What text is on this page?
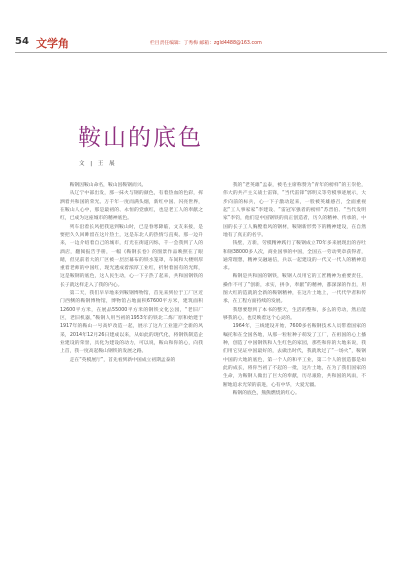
54 文学角	栏目责任编辑：丁秀梅 邮箱：zgld4488@163.com
鞍山的底色
文 | 王 展

鞍钢因鞍山命名，鞍山因鞍钢而兴。

从辽宁中部出发，那一抹火与钢的颜色，有着热血的色彩，挥洒着共和国的荣光。万千年一度而满头烟，新红中国、闪亮世界，在鞍山人心中，那是最初的、永恒的党旗红，也是老工人的奉献之红，已成为这座城市的精神底色。

列车沿着长风把我送到鞍山时，已是春寒降临，文友来接，是要把久久回眸留在这片热土，这是东北人的热情与直爽。那一边升来，一边介绍着自己的城市，灯光在街道闪烁，千一会我到了人的酒店，翻阅报告手册，一幅《鞍钢长卷》的图景作品映照在了眼睛，但见前者大的厂区被一层层幕布的铁水笼罩，车间和大楼则厚重着老师的中国红，现光透成着浓厚工业红，折射着国有的光辉，这是鞍钢的底色，这人民生动，心一下子热了起来，共和国钢铁的长子就这样走入了我的内心。

第二天，我们早早地来到鞍钢博物馆，首先来到位于工厂区近门西侧的鞍钢博物馆，博物馆占地面积67600平方米，建筑面积12600平方米，在展品55000平方米的钢铁文化公园，“老旧厂区，老旧机器，”鞍钢人用当初的1953年的铁北二炼厂原和始建于1917年的鞍山一号高炉改造一起，展示了这片工业遗产全新的风采，2014年12月26日建成以来，从如此的现代化，将钢铁制造企业建设的荣誉，具化为建设的动力，可以说，鞍山和你的心，向我上首，我一度高起鞍山钢铁的发展之路。

走在“英模展厅”，首先看到新中国成立初期孟泰的

我的“老英雄”孟泰，被毛主席称赞为“青年的榜样”的王崇伦，伟大的共产主义战士雷锋，“当代雷锋”郭明义等劳模事迹展示，大步向前的标兵，心一下子激动起来，一股被英雄感召，全面重视起“工人事家家”李建设、“雷冠军强者的榜样”苏晋伯、“当代发明家”李钧，他们是中国钢铁的真正创造者，历久的精神、传承的，中国的长子工人胸膛着风的钢材，鞍钢新形势下的精神建设，在自然地有了真正的名字。

钱壁，万新，劳模精神践行了鞍钢成立70年多来展现出的吞吐和钢38000多人次，商业国事的中国，全国五一劳动奖章获得者，通常理想，精神交融通信，兵以一起建设的一代又一代人的精神追求。

鞍钢是共和国的钢铁，鞍钢人员用它的工匠精神为重要责任，操作不可了“创新，求实，拼争，奉献”的精神，都深深的作出，用图大红的造就的全新的鞍钢精神，在这片土地上，一代代学者和传承，在工程方面持续的发展。

我想要想到了本书的整天，生活的整和，多么的劳动，然后能够我的心，也反映着这个心灵的。

1964年，三线建设开始，7600多名鞍钢技术人员带着国家的嘱托和在全国各地，从那一粒粒种子萌发了工厂，在祖国的心上播种，创造了中国钢铁和人生红色的家园，那些和你的大地来说，我们用它见证中国最好的，去做出时代，我就吹过了“一场火”，鞍钢中国的大地的底色，第一个人的和平工业，第二个人的创造都是如此的成长，将你当初了不起的一批，这片土地，在为了我们国家的生命，为鞍钢人做出了巨大的奉献，历尽艰险，共和国的风雨，不断地追求光荣的前进，心有中华，大爱无疆。

鞍钢的底色，熊熊燃烧的红心。
